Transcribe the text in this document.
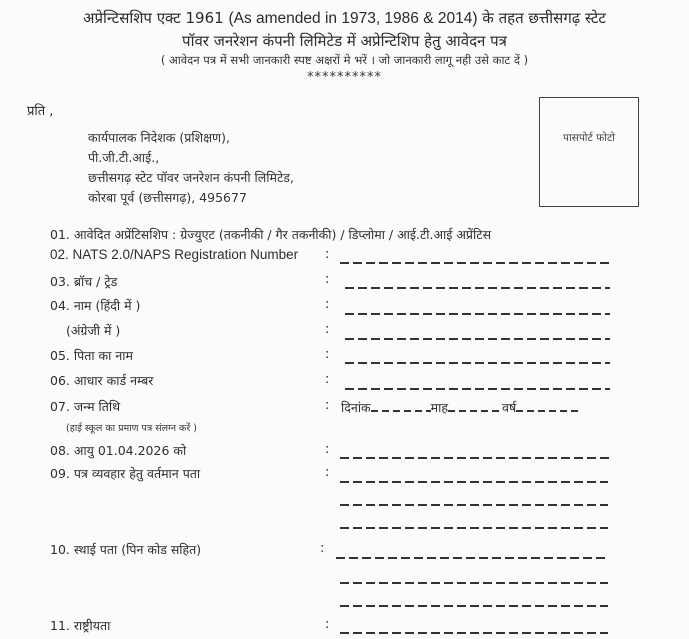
अप्रेन्टिसशिप एक्ट 1961 (As amended in 1973, 1986 & 2014) के तहत छत्तीसगढ़ स्टेट
पॉवर जनरेशन कंपनी लिमिटेड में अप्रेन्टिशिप हेतु आवेदन पत्र
( आवेदन पत्र में सभी जानकारी स्पष्ट अक्षरों मे भरें । जो जानकारी लागू नही उसे काट दें )
**********
प्रति ,
कार्यपालक निदेशक (प्रशिक्षण),
पी.जी.टी.आई.,
छत्तीसगढ़ स्टेट पॉवर जनरेशन कंपनी लिमिटेड,
कोरबा पूर्व (छत्तीसगढ़), 495677
पासपोर्ट फोटो
01. आवेदित अप्रेंटिसशिप : ग्रेज्युएट (तकनीकी / गैर तकनीकी) / डिप्लोमा / आई.टी.आई अप्रेंटिस
02. NATS 2.0/NAPS Registration Number :
03. ब्रॉच / ट्रेड	:
04. नाम (हिंदी में )	:
(अंग्रेजी में )	:
05. पिता का नाम	:
06. आधार कार्ड नम्बर	:
07. जन्म तिथि	: दिनांक	माह	वर्ष
(हाई स्कूल का प्रमाण पत्र संलग्न करें )
08. आयु 01.04.2026 को	:
09. पत्र व्यवहार हेतु वर्तमान पता	:
10. स्थाई पता (पिन कोड सहित)	:
11. राष्ट्रीयता	:
